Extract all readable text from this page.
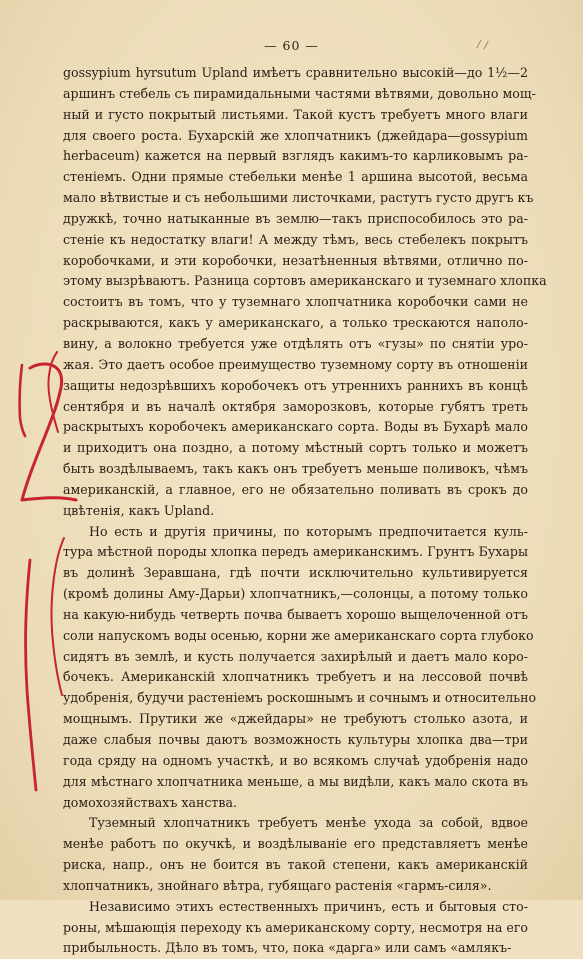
— 60 —	/ /
gossypium hyrsutum Upland имѣетъ сравнительно высокій—до 1½—2
аршинъ стебель съ пирамидальными частями вѣтвями, довольно мощ-
ный и густо покрытый листьями. Такой кустъ требуетъ много влаги
для своего роста. Бухарскій же хлопчатникъ (джейдара—gossypium
herbaceum) кажется на первый взглядъ какимъ-то карликовымъ ра-
стеніемъ. Одни прямые стебельки менѣе 1 аршина высотой, весьма
мало вѣтвистые и съ небольшими листочками, растутъ густо другъ къ
дружкѣ, точно натыканные въ землю—такъ приспособилось это ра-
стеніе къ недостатку влаги! А между тѣмъ, весь стебелекъ покрытъ
коробочками, и эти коробочки, незатѣненныя вѣтвями, отлично по-
этому вызрѣваютъ. Разница сортовъ американскаго и туземнаго хлопка
состоитъ въ томъ, что у туземнаго хлопчатника коробочки сами не
раскрываются, какъ у американскаго, а только трескаются наполо-
вину, а волокно требуется уже отдѣлять отъ «гузы» по снятіи уро-
жая. Это даетъ особое преимущество туземному сорту въ отношеніи
защиты недозрѣвшихъ коробочекъ отъ утреннихъ раннихъ въ концѣ
сентября и въ началѣ октября заморозковъ, которые губятъ треть
раскрытыхъ коробочекъ американскаго сорта. Воды въ Бухарѣ мало
и приходитъ она поздно, а потому мѣстный сортъ только и можетъ
быть воздѣлываемъ, такъ какъ онъ требуетъ меньше поливокъ, чѣмъ
американскій, а главное, его не обязательно поливать въ срокъ до
цвѣтенія, какъ Upland.
Но есть и другія причины, по которымъ предпочитается куль-
тура мѣстной породы хлопка передъ американскимъ. Грунтъ Бухары
въ долинѣ Зеравшана, гдѣ почти исключительно культивируется
(кромѣ долины Аму-Дарьи) хлопчатникъ,—солонцы, а потому только
на какую-нибудь четверть почва бываетъ хорошо выщелоченной отъ
соли напускомъ воды осенью, корни же американскаго сорта глубоко
сидятъ въ землѣ, и кусть получается захирѣлый и даетъ мало коро-
бочекъ. Американскій хлопчатникъ требуетъ и на лессовой почвѣ
удобренія, будучи растеніемъ роскошнымъ и сочнымъ и относительно
мощнымъ. Прутики же «джейдары» не требуютъ столько азота, и
даже слабыя почвы даютъ возможность культуры хлопка два—три
года сряду на одномъ участкѣ, и во всякомъ случаѣ удобренія надо
для мѣстнаго хлопчатника меньше, а мы видѣли, какъ мало скота въ
домохозяйствахъ ханства.
Туземный хлопчатникъ требуетъ менѣе ухода за собой, вдвое
менѣе работъ по окучкѣ, и воздѣлываніе его представляетъ менѣе
риска, напр., онъ не боится въ такой степени, какъ американскій
хлопчатникъ, знойнаго вѣтра, губящаго растенія «гармъ-силя».
Независимо этихъ естественныхъ причинъ, есть и бытовыя сто-
роны, мѣшающія переходу къ американскому сорту, несмотря на его
прибыльность. Дѣло въ томъ, что, пока «дарга» или самъ «амлякъ-
